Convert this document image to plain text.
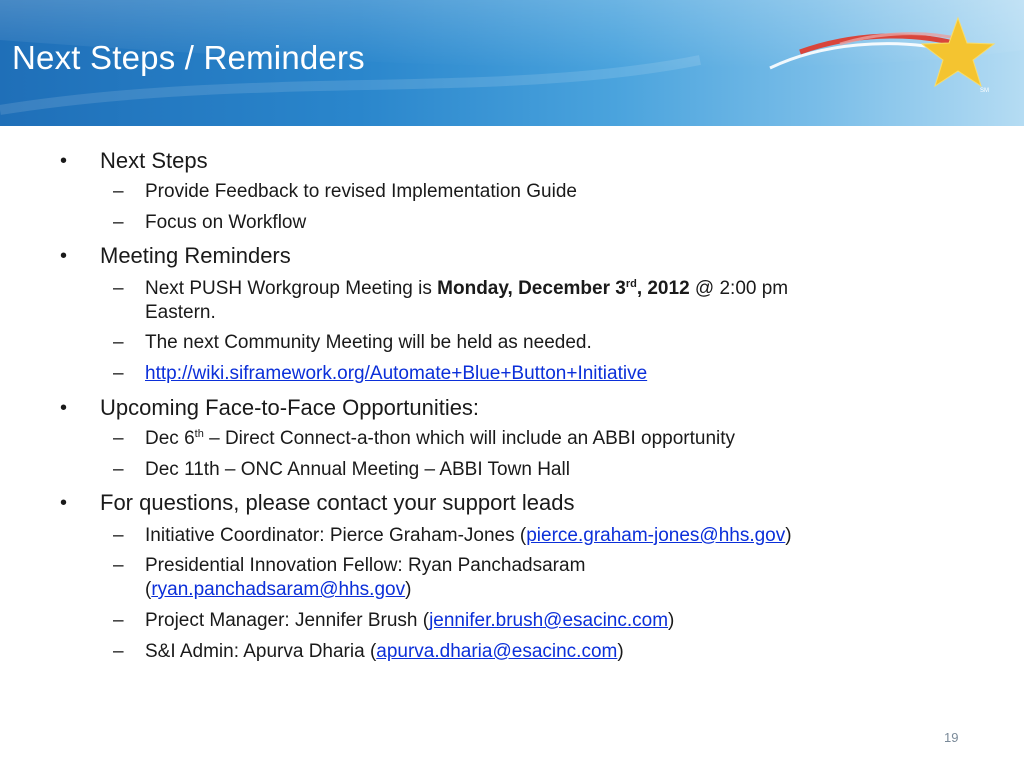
Next Steps / Reminders
SM
• Next Steps
– Provide Feedback to revised Implementation Guide
– Focus on Workflow
• Meeting Reminders
– Next PUSH Workgroup Meeting is Monday, December 3rd, 2012 @ 2:00 pm
Eastern.
– The next Community Meeting will be held as needed.
– http://wiki.siframework.org/Automate+Blue+Button+Initiative
• Upcoming Face-to-Face Opportunities:
– Dec 6th – Direct Connect-a-thon which will include an ABBI opportunity
– Dec 11th – ONC Annual Meeting – ABBI Town Hall
• For questions, please contact your support leads
– Initiative Coordinator: Pierce Graham-Jones (pierce.graham-jones@hhs.gov)
– Presidential Innovation Fellow: Ryan Panchadsaram
(ryan.panchadsaram@hhs.gov)
– Project Manager: Jennifer Brush (jennifer.brush@esacinc.com)
– S&I Admin: Apurva Dharia (apurva.dharia@esacinc.com)
19
